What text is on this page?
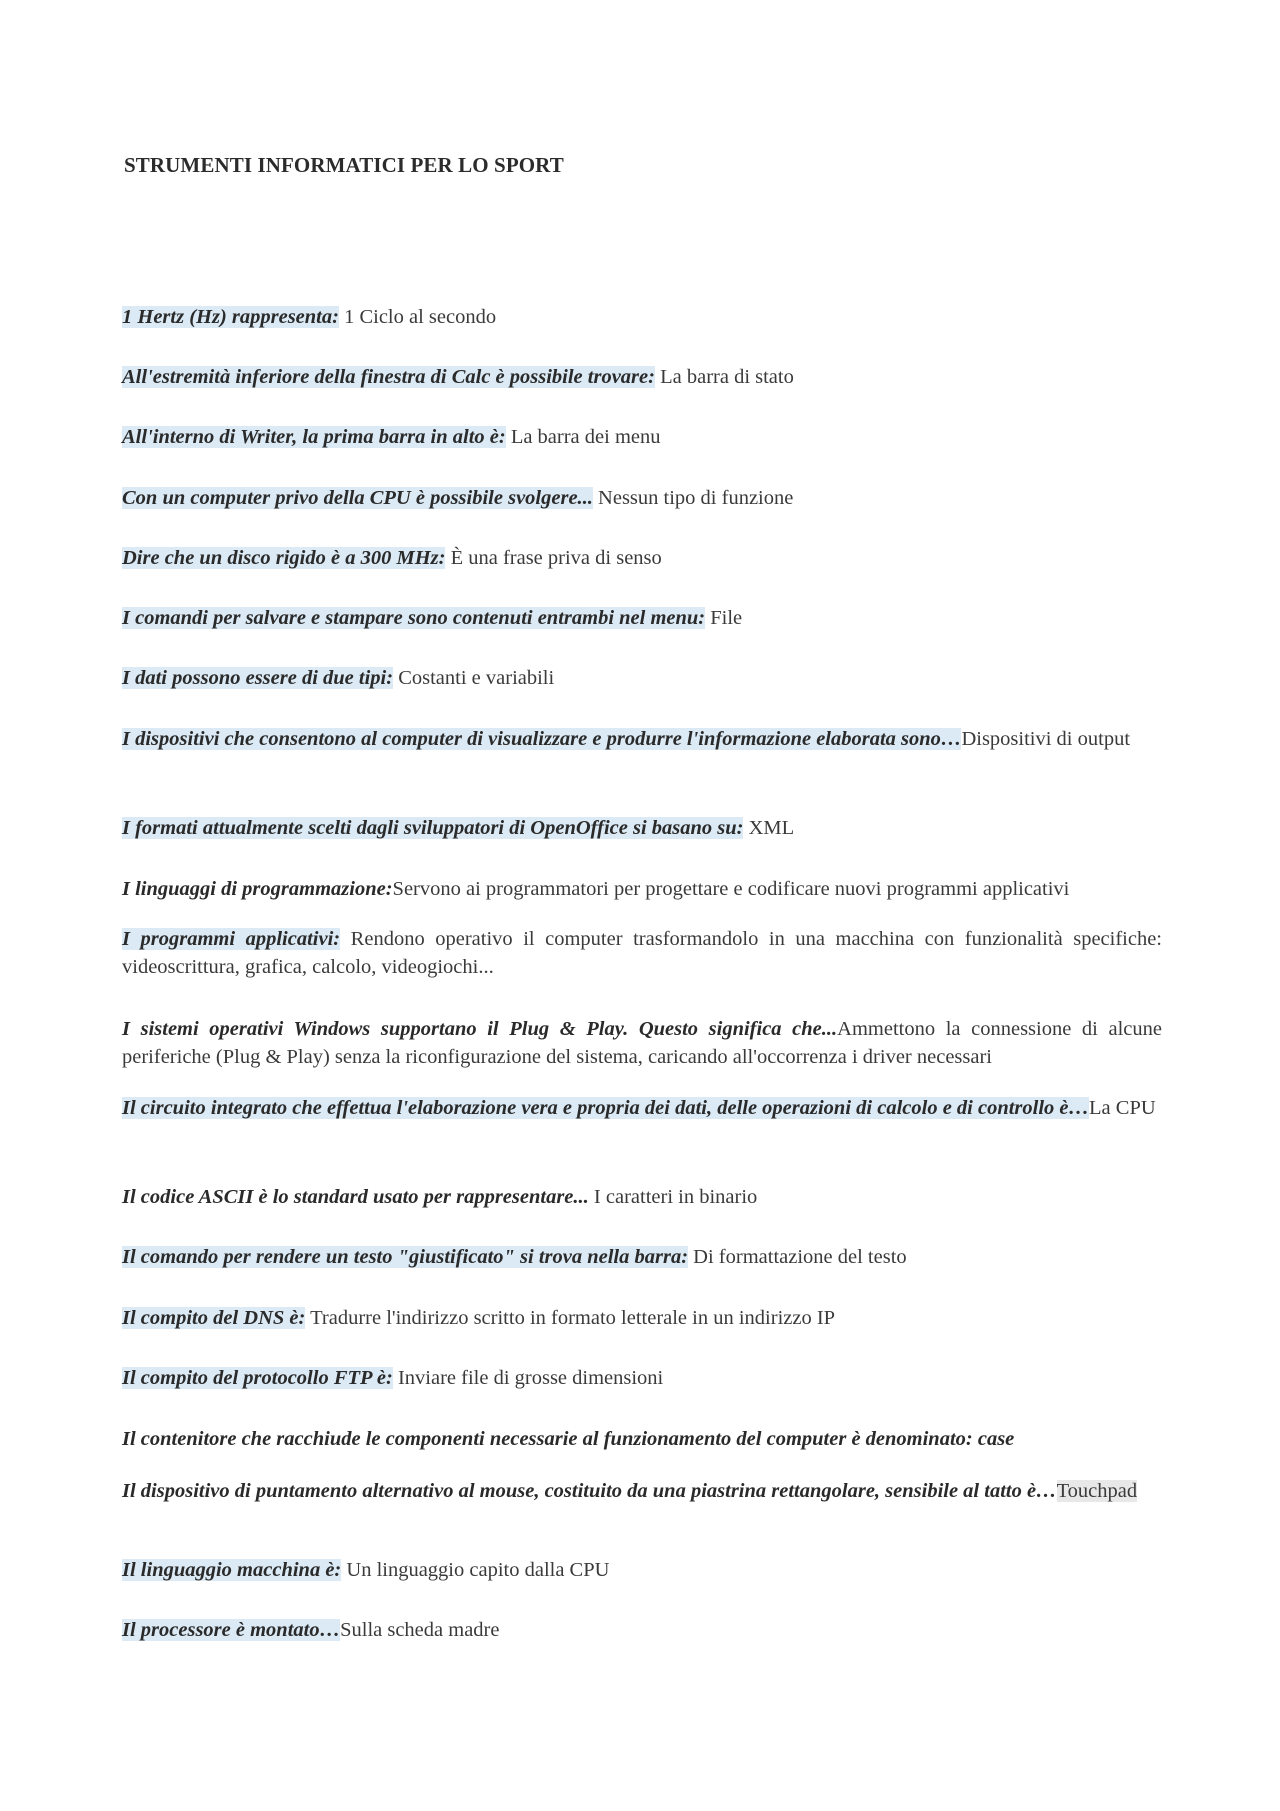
STRUMENTI INFORMATICI PER LO SPORT
1 Hertz (Hz) rappresenta: 1 Ciclo al secondo
All'estremità inferiore della finestra di Calc è possibile trovare: La barra di stato
All'interno di Writer, la prima barra in alto è: La barra dei menu
Con un computer privo della CPU è possibile svolgere... Nessun tipo di funzione
Dire che un disco rigido è a 300 MHz: È una frase priva di senso
I comandi per salvare e stampare sono contenuti entrambi nel menu: File
I dati possono essere di due tipi: Costanti e variabili
I dispositivi che consentono al computer di visualizzare e produrre l'informazione elaborata sono…Dispositivi di output
I formati attualmente scelti dagli sviluppatori di OpenOffice si basano su: XML
I linguaggi di programmazione:Servono ai programmatori per progettare e codificare nuovi programmi applicativi
I programmi applicativi: Rendono operativo il computer trasformandolo in una macchina con funzionalità specifiche: videoscrittura, grafica, calcolo, videogiochi...
I sistemi operativi Windows supportano il Plug & Play. Questo significa che...Ammettono la connessione di alcune periferiche (Plug & Play) senza la riconfigurazione del sistema, caricando all'occorrenza i driver necessari
Il circuito integrato che effettua l'elaborazione vera e propria dei dati, delle operazioni di calcolo e di controllo è…La CPU
Il codice ASCII è lo standard usato per rappresentare... I caratteri in binario
Il comando per rendere un testo "giustificato" si trova nella barra: Di formattazione del testo
Il compito del DNS è: Tradurre l'indirizzo scritto in formato letterale in un indirizzo IP
Il compito del protocollo FTP è: Inviare file di grosse dimensioni
Il contenitore che racchiude le componenti necessarie al funzionamento del computer è denominato: case
Il dispositivo di puntamento alternativo al mouse, costituito da una piastrina rettangolare, sensibile al tatto è…Touchpad
Il linguaggio macchina è: Un linguaggio capito dalla CPU
Il processore è montato…Sulla scheda madre
